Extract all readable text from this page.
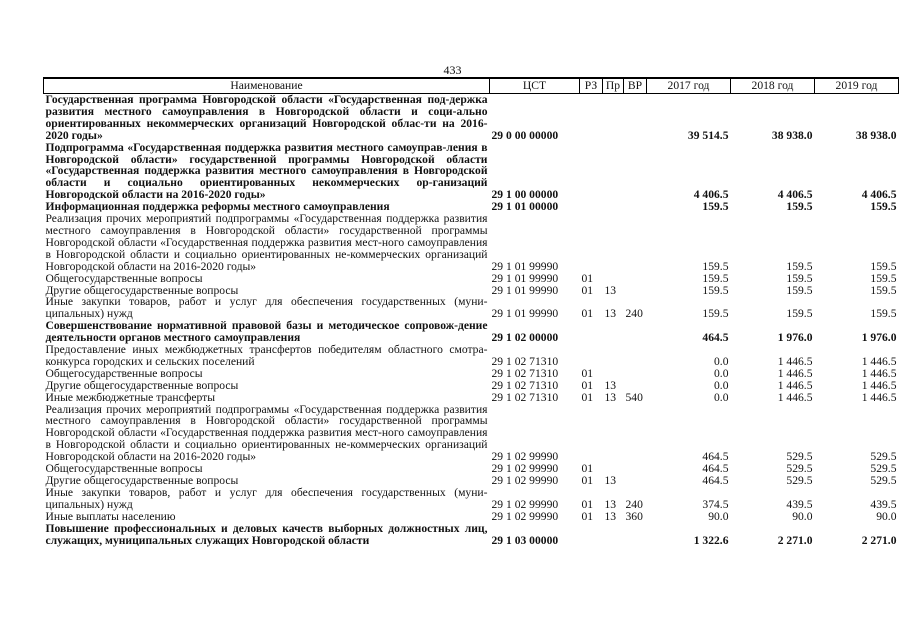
433
Наименование	ЦСТ	РЗ	Пр	ВР	2017 год	2018 год	2019 год
Государственная программа Новгородской области «Государственная под-держка развития местного самоуправления в Новгородской области и соци-ально ориентированных некоммерческих организаций Новгородской облас-ти на 2016-2020 годы»	29 0 00 00000				39 514.5	38 938.0	38 938.0
Подпрограмма «Государственная поддержка развития местного самоуправ-ления в Новгородской области» государственной программы Новгородской области «Государственная поддержка развития местного самоуправления в Новгородской области и социально ориентированных некоммерческих ор-ганизаций Новгородской области на 2016-2020 годы»	29 1 00 00000				4 406.5	4 406.5	4 406.5
Информационная поддержка реформы местного самоуправления	29 1 01 00000				159.5	159.5	159.5
Реализация прочих мероприятий подпрограммы «Государственная поддержка развития местного самоуправления в Новгородской области» государственной программы Новгородской области «Государственная поддержка развития мест-ного самоуправления в Новгородской области и социально ориентированных не-коммерческих организаций Новгородской области на 2016-2020 годы»	29 1 01 99990				159.5	159.5	159.5
Общегосударственные вопросы	29 1 01 99990	01			159.5	159.5	159.5
Другие общегосударственные вопросы	29 1 01 99990	01	13		159.5	159.5	159.5
Иные закупки товаров, работ и услуг для обеспечения государственных (муни-ципальных) нужд	29 1 01 99990	01	13	240	159.5	159.5	159.5
Совершенствование нормативной правовой базы и методическое сопровож-дение деятельности органов местного самоуправления	29 1 02 00000				464.5	1 976.0	1 976.0
Предоставление иных межбюджетных трансфертов победителям областного смотра-конкурса городских и сельских поселений	29 1 02 71310				0.0	1 446.5	1 446.5
Общегосударственные вопросы	29 1 02 71310	01			0.0	1 446.5	1 446.5
Другие общегосударственные вопросы	29 1 02 71310	01	13		0.0	1 446.5	1 446.5
Иные межбюджетные трансферты	29 1 02 71310	01	13	540	0.0	1 446.5	1 446.5
Реализация прочих мероприятий подпрограммы «Государственная поддержка развития местного самоуправления в Новгородской области» государственной программы Новгородской области «Государственная поддержка развития мест-ного самоуправления в Новгородской области и социально ориентированных не-коммерческих организаций Новгородской области на 2016-2020 годы»	29 1 02 99990				464.5	529.5	529.5
Общегосударственные вопросы	29 1 02 99990	01			464.5	529.5	529.5
Другие общегосударственные вопросы	29 1 02 99990	01	13		464.5	529.5	529.5
Иные закупки товаров, работ и услуг для обеспечения государственных (муни-ципальных) нужд	29 1 02 99990	01	13	240	374.5	439.5	439.5
Иные выплаты населению	29 1 02 99990	01	13	360	90.0	90.0	90.0
Повышение профессиональных и деловых качеств выборных должностных лиц, служащих, муниципальных служащих Новгородской области	29 1 03 00000				1 322.6	2 271.0	2 271.0
